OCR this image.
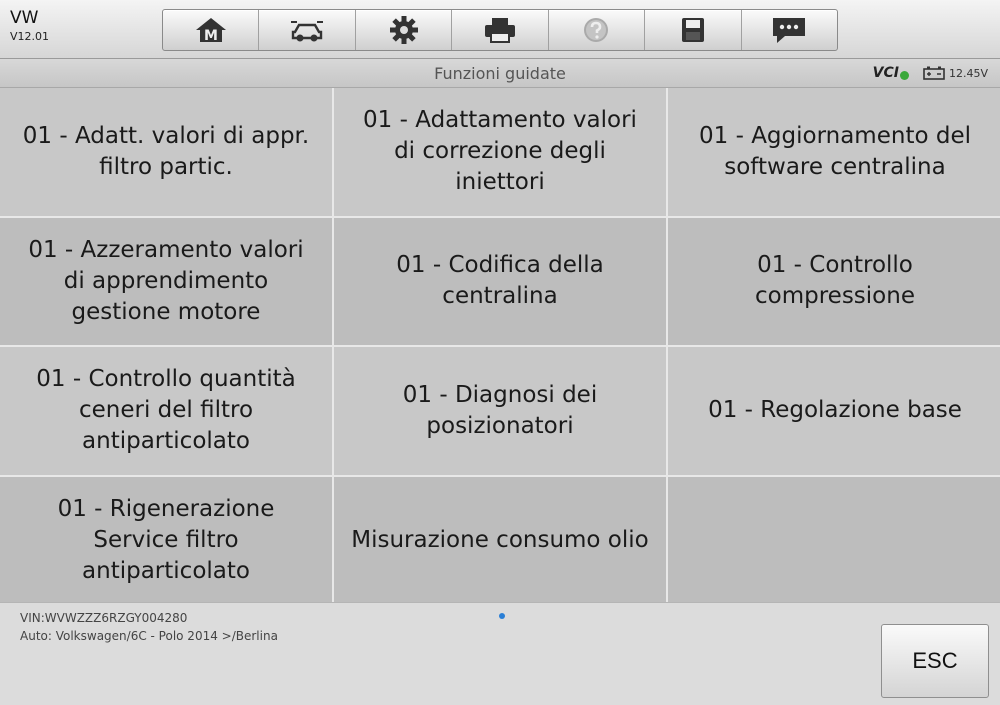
VW
V12.01	M
Funzioni guidate	VCI	12.45V
01 - Adatt. valori di appr. filtro partic.
01 - Adattamento valori di correzione degli iniettori
01 - Aggiornamento del software centralina
01 - Azzeramento valori di apprendimento gestione motore
01 - Codifica della centralina
01 - Controllo compressione
01 - Controllo quantità ceneri del filtro antiparticolato
01 - Diagnosi dei posizionatori
01 - Regolazione base
01 - Rigenerazione Service filtro antiparticolato
Misurazione consumo olio
VIN:WVWZZZ6RZGY004280
Auto: Volkswagen/6C - Polo 2014 >/Berlina
ESC
